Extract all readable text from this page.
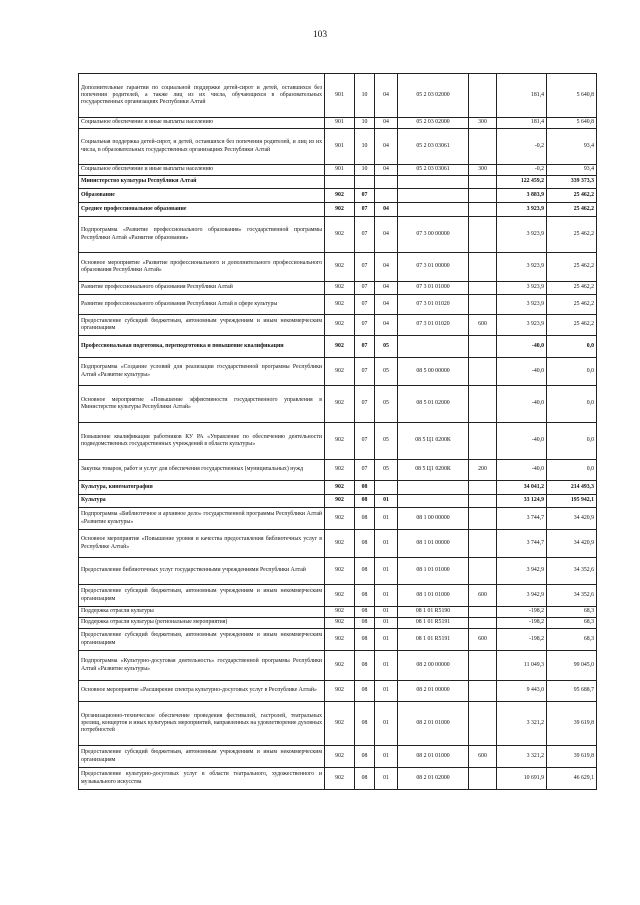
103
Дополнительные гарантии по социальной поддержке детей-сирот и детей, оставшихся без попечения родителей, а также лиц из их числа, обучающихся в образовательных государственных организациях Республики Алтай	901	10	04	05 2 03 02000		181,4	5 640,8
Социальное обеспечение и иные выплаты населению	901	10	04	05 2 03 02000	300	181,4	5 640,8
Социальная поддержка детей-сирот, и детей, оставшихся без попечения родителей, и лиц из их числа, в образовательных государственных организациях Республики Алтай	901	10	04	05 2 03 03061		-0,2	93,4
Социальное обеспечение и иные выплаты населению	901	10	04	05 2 03 03061	300	-0,2	93,4
Министерство культуры Республики Алтай						122 459,2	339 373,3
Образование	902	07				3 883,9	25 462,2
Среднее профессиональное образование	902	07	04			3 923,9	25 462,2
Подпрограмма «Развитие профессионального образования» государственной программы Республики Алтай «Развитие образования»	902	07	04	07 3 00 00000		3 923,9	25 462,2
Основное мероприятие «Развитие профессионального и дополнительного профессионального образования Республики Алтай»	902	07	04	07 3 01 00000		3 923,9	25 462,2
Развитие профессионального образования Республики Алтай	902	07	04	07 3 01 01000		3 923,9	25 462,2
Развитие профессионального образования Республики Алтай в сфере культуры	902	07	04	07 3 01 01020		3 923,9	25 462,2
Предоставление субсидий бюджетным, автономным учреждениям и иным некоммерческим организациям	902	07	04	07 3 01 01020	600	3 923,9	25 462,2
Профессиональная подготовка, переподготовка и повышение квалификации	902	07	05			-40,0	0,0
Подпрограмма «Создание условий для реализации государственной программы Республики Алтай «Развитие культуры»	902	07	05	08 5 00 00000		-40,0	0,0
Основное мероприятие «Повышение эффективности государственного управления в Министерстве культуры Республики Алтай»	902	07	05	08 5 01 02000		-40,0	0,0
Повышение квалификации работников КУ РА «Управление по обеспечению деятельности подведомственных государственных учреждений в области культуры»	902	07	05	08 5 Ц1 0200К		-40,0	0,0
Закупка товаров, работ и услуг для обеспечения государственных (муниципальных) нужд	902	07	05	08 5 Ц1 0200К	200	-40,0	0,0
Культура, кинематография	902	08				34 041,2	214 493,3
Культура	902	08	01			33 124,9	195 942,1
Подпрограмма «Библиотечное и архивное дело» государственной программы Республики Алтай «Развитие культуры»	902	08	01	08 1 00 00000		3 744,7	34 420,9
Основное мероприятие «Повышение уровня и качества предоставления библиотечных услуг в Республике Алтай»	902	08	01	08 1 01 00000		3 744,7	34 420,9
Предоставление библиотечных услуг государственными учреждениями Республики Алтай	902	08	01	08 1 01 01000		3 942,9	34 352,6
Предоставление субсидий бюджетным, автономным учреждениям и иным некоммерческим организациям	902	08	01	08 1 01 01000	600	3 942,9	34 352,6
Поддержка отрасли культуры	902	08	01	08 1 01 R5190		-198,2	68,3
Поддержка отрасли культуры (региональные мероприятия)	902	08	01	08 1 01 R5191		-198,2	68,3
Предоставление субсидий бюджетным, автономным учреждениям и иным некоммерческим организациям	902	08	01	08 1 01 R5191	600	-198,2	68,3
Подпрограмма «Культурно-досуговая деятельность» государственной программы Республики Алтай «Развитие культуры»	902	08	01	08 2 00 00000		11 049,3	99 045,0
Основное мероприятие «Расширение спектра культурно-досуговых услуг в Республике Алтай»	902	08	01	08 2 01 00000		9 443,0	95 688,7
Организационно-техническое обеспечение проведения фестивалей, гастролей, театральных зрелищ, концертов и иных культурных мероприятий, направленных на удовлетворение духовных потребностей	902	08	01	08 2 01 01000		3 321,2	39 619,8
Предоставление субсидий бюджетным, автономным учреждениям и иным некоммерческим организациям	902	08	01	08 2 01 01000	600	3 321,2	39 619,8
Предоставление культурно-досуговых услуг в области театрального, художественного и музыкального искусства	902	08	01	08 2 01 02000		10 691,9	46 629,1
